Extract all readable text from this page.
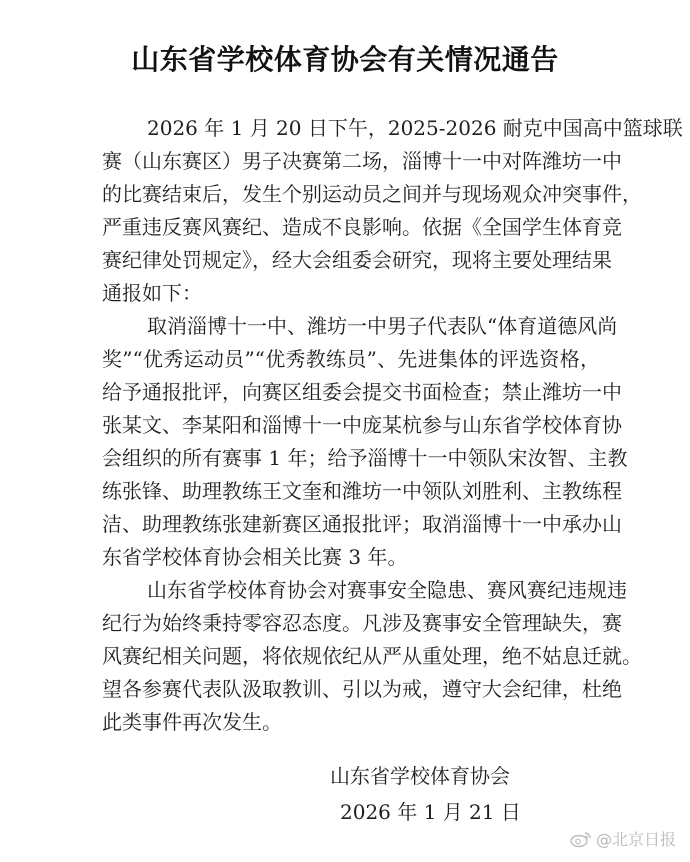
山东省学校体育协会有关情况通告
2026 年 1 月 20 日下午，2025-2026 耐克中国高中篮球联
赛（山东赛区）男子决赛第二场，淄博十一中对阵潍坊一中
的比赛结束后，发生个别运动员之间并与现场观众冲突事件，
严重违反赛风赛纪、造成不良影响。依据《全国学生体育竞
赛纪律处罚规定》，经大会组委会研究，现将主要处理结果
通报如下：
取消淄博十一中、潍坊一中男子代表队“体育道德风尚
奖”“优秀运动员”“优秀教练员”、先进集体的评选资格，
给予通报批评，向赛区组委会提交书面检查；禁止潍坊一中
张某文、李某阳和淄博十一中庞某杭参与山东省学校体育协
会组织的所有赛事 1 年；给予淄博十一中领队宋汝智、主教
练张锋、助理教练王文奎和潍坊一中领队刘胜利、主教练程
洁、助理教练张建新赛区通报批评；取消淄博十一中承办山
东省学校体育协会相关比赛 3 年。
山东省学校体育协会对赛事安全隐患、赛风赛纪违规违
纪行为始终秉持零容忍态度。凡涉及赛事安全管理缺失，赛
风赛纪相关问题，将依规依纪从严从重处理，绝不姑息迁就。
望各参赛代表队汲取教训、引以为戒，遵守大会纪律，杜绝
此类事件再次发生。
山东省学校体育协会
2026 年 1 月 21 日
@北京日报
